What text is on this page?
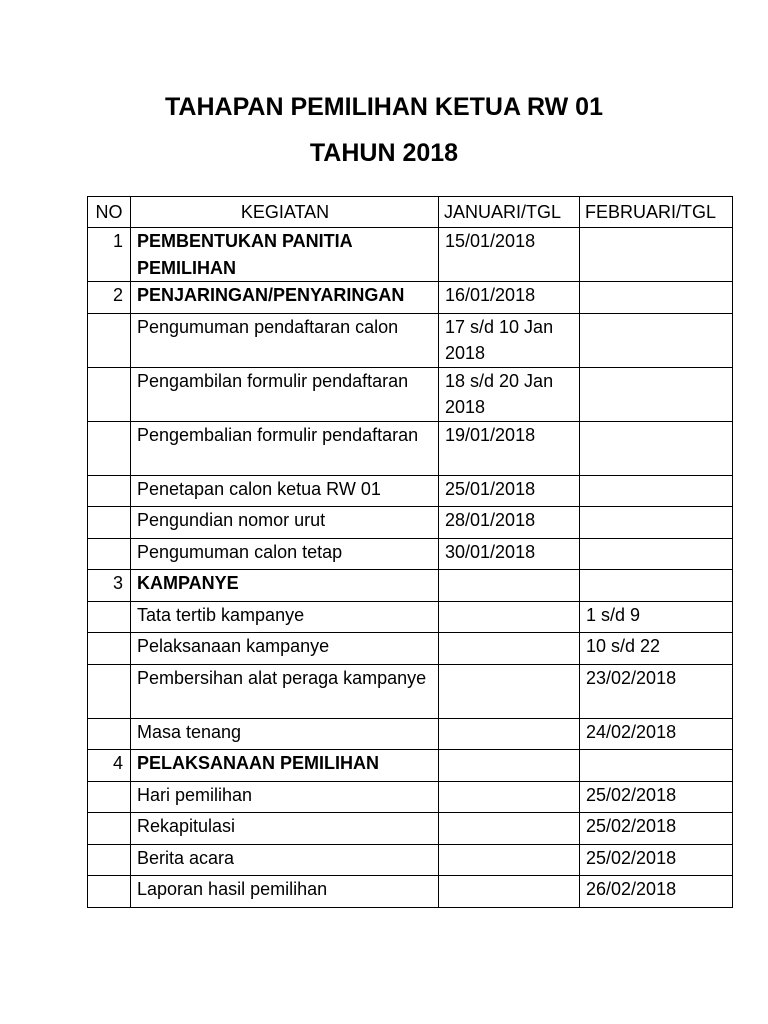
TAHAPAN PEMILIHAN KETUA RW 01
TAHUN 2018
NO	KEGIATAN	JANUARI/TGL	FEBRUARI/TGL
1	PEMBENTUKAN PANITIA PEMILIHAN	15/01/2018	
2	PENJARINGAN/PENYARINGAN	16/01/2018	
	Pengumuman pendaftaran calon	17 s/d 10 Jan 2018	
	Pengambilan formulir pendaftaran	18 s/d 20 Jan 2018	
	Pengembalian formulir pendaftaran	19/01/2018	
	Penetapan calon ketua RW 01	25/01/2018	
	Pengundian nomor urut	28/01/2018	
	Pengumuman calon tetap	30/01/2018	
3	KAMPANYE		
	Tata tertib kampanye		1 s/d 9
	Pelaksanaan kampanye		10 s/d 22
	Pembersihan alat peraga kampanye		23/02/2018
	Masa tenang		24/02/2018
4	PELAKSANAAN PEMILIHAN		
	Hari pemilihan		25/02/2018
	Rekapitulasi		25/02/2018
	Berita acara		25/02/2018
	Laporan hasil pemilihan		26/02/2018
